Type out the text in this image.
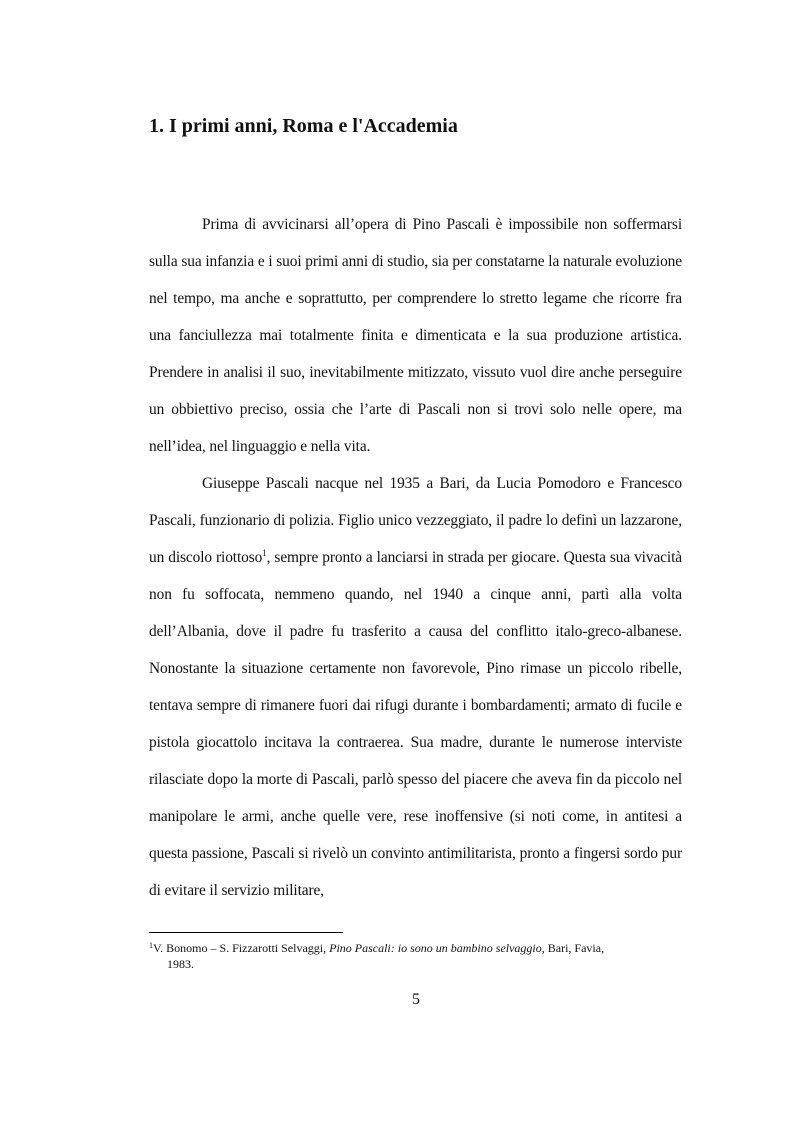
1. I primi anni, Roma e l'Accademia

Prima di avvicinarsi all’opera di Pino Pascali è impossibile non soffermarsi sulla sua infanzia e i suoi primi anni di studio, sia per constatarne la naturale evoluzione nel tempo, ma anche e soprattutto, per comprendere lo stretto legame che ricorre fra una fanciullezza mai totalmente finita e dimenticata e la sua produzione artistica. Prendere in analisi il suo, inevitabilmente mitizzato, vissuto vuol dire anche perseguire un obbiettivo preciso, ossia che l’arte di Pascali non si trovi solo nelle opere, ma nell’idea, nel linguaggio e nella vita.

Giuseppe Pascali nacque nel 1935 a Bari, da Lucia Pomodoro e Francesco Pascali, funzionario di polizia. Figlio unico vezzeggiato, il padre lo definì un lazzarone, un discolo riottoso$^1$, sempre pronto a lanciarsi in strada per giocare. Questa sua vivacità non fu soffocata, nemmeno quando, nel 1940 a cinque anni, partì alla volta dell’Albania, dove il padre fu trasferito a causa del conflitto italo-greco-albanese. Nonostante la situazione certamente non favorevole, Pino rimase un piccolo ribelle, tentava sempre di rimanere fuori dai rifugi durante i bombardamenti; armato di fucile e pistola giocattolo incitava la contraerea. Sua madre, durante le numerose interviste rilasciate dopo la morte di Pascali, parlò spesso del piacere che aveva fin da piccolo nel manipolare le armi, anche quelle vere, rese inoffensive (si noti come, in antitesi a questa passione, Pascali si rivelò un convinto antimilitarista, pronto a fingersi sordo pur di evitare il servizio militare,

$^1$V. Bonomo – S. Fizzarotti Selvaggi, Pino Pascali: io sono un bambino selvaggio, Bari, Favia,
1983.
5
